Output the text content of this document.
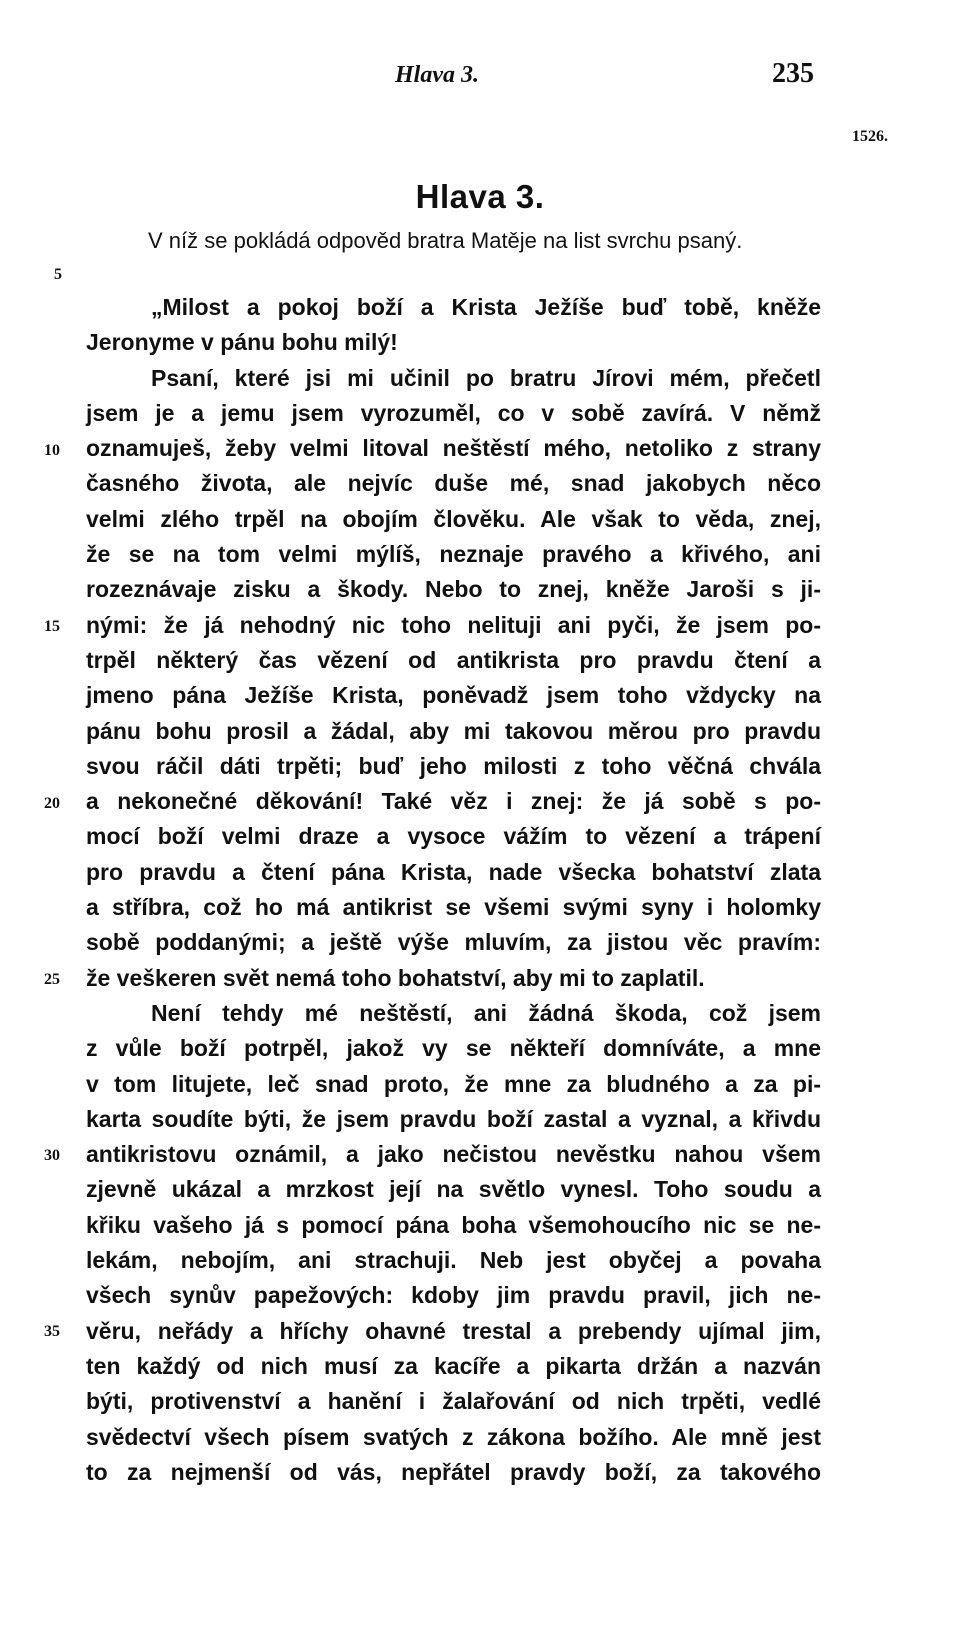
Hlava 3.	235
1526.
Hlava 3.
V níž se pokládá odpověd bratra Matěje na list svrchu psaný.
5
10
15
20
25
30
35
„Milost a pokoj boží a Krista Ježíše buď tobě, kněže
Jeronyme v pánu bohu milý!
Psaní, které jsi mi učinil po bratru Jírovi mém, přečetl
jsem je a jemu jsem vyrozuměl, co v sobě zavírá. V němž
oznamuješ, žeby velmi litoval neštěstí mého, netoliko z strany
časného života, ale nejvíc duše mé, snad jakobych něco
velmi zlého trpěl na obojím člověku. Ale však to věda, znej,
že se na tom velmi mýlíš, neznaje pravého a křivého, ani
rozeznávaje zisku a škody. Nebo to znej, kněže Jaroši s ji-
nými: že já nehodný nic toho nelituji ani pyči, že jsem po-
trpěl některý čas vězení od antikrista pro pravdu čtení a
jmeno pána Ježíše Krista, poněvadž jsem toho vždycky na
pánu bohu prosil a žádal, aby mi takovou měrou pro pravdu
svou ráčil dáti trpěti; buď jeho milosti z toho věčná chvála
a nekonečné děkování! Také věz i znej: že já sobě s po-
mocí boží velmi draze a vysoce vážím to vězení a trápení
pro pravdu a čtení pána Krista, nade všecka bohatství zlata
a stříbra, což ho má antikrist se všemi svými syny i holomky
sobě poddanými; a ještě výše mluvím, za jistou věc pravím:
že veškeren svět nemá toho bohatství, aby mi to zaplatil.
Není tehdy mé neštěstí, ani žádná škoda, což jsem
z vůle boží potrpěl, jakož vy se někteří domníváte, a mne
v tom litujete, leč snad proto, že mne za bludného a za pi-
karta soudíte býti, že jsem pravdu boží zastal a vyznal, a křivdu
antikristovu oznámil, a jako nečistou nevěstku nahou všem
zjevně ukázal a mrzkost její na světlo vynesl. Toho soudu a
křiku vašeho já s pomocí pána boha všemohoucího nic se ne-
lekám, nebojím, ani strachuji. Neb jest obyčej a povaha
všech synův papežových: kdoby jim pravdu pravil, jich ne-
věru, neřády a hříchy ohavné trestal a prebendy ujímal jim,
ten každý od nich musí za kacíře a pikarta držán a nazván
býti, protivenství a hanění i žalařování od nich trpěti, vedlé
svědectví všech písem svatých z zákona božího. Ale mně jest
to za nejmenší od vás, nepřátel pravdy boží, za takového
